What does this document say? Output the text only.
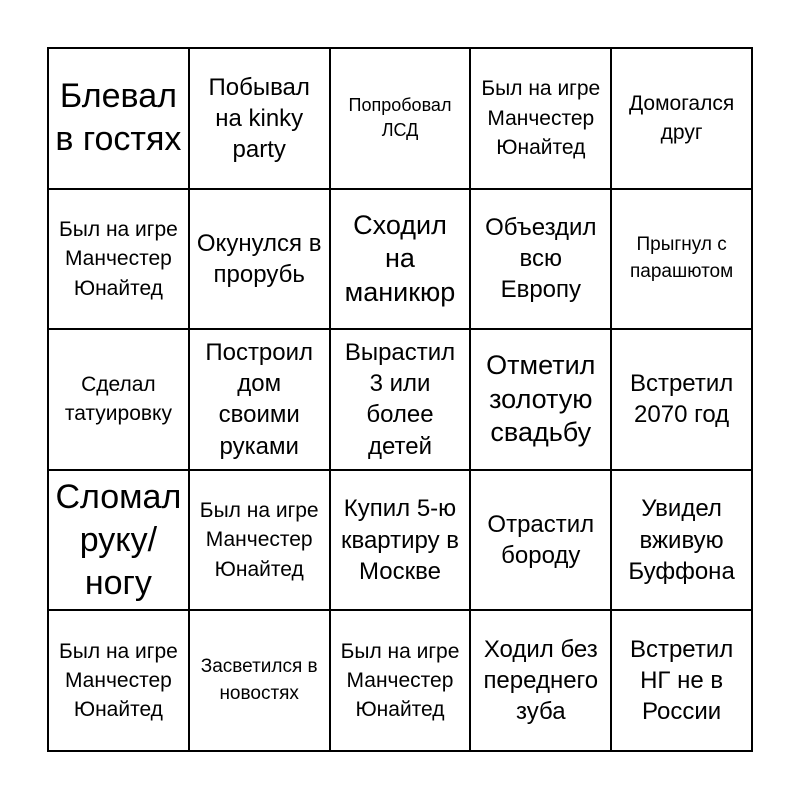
Блевал в гостях
Побывал на kinky party
Попробовал ЛСД
Был на игре Манчестер Юнайтед
Домогался друг
Был на игре Манчестер Юнайтед
Окунулся в прорубь
Сходил на маникюр
Объездил всю Европу
Прыгнул с парашютом
Сделал татуировку
Построил дом своими руками
Вырастил 3 или более детей
Отметил золотую свадьбу
Встретил 2070 год
Сломал руку/ ногу
Был на игре Манчестер Юнайтед
Купил 5-ю квартиру в Москве
Отрастил бороду
Увидел вживую Буффона
Был на игре Манчестер Юнайтед
Засветился в новостях
Был на игре Манчестер Юнайтед
Ходил без переднего зуба
Встретил НГ не в России
